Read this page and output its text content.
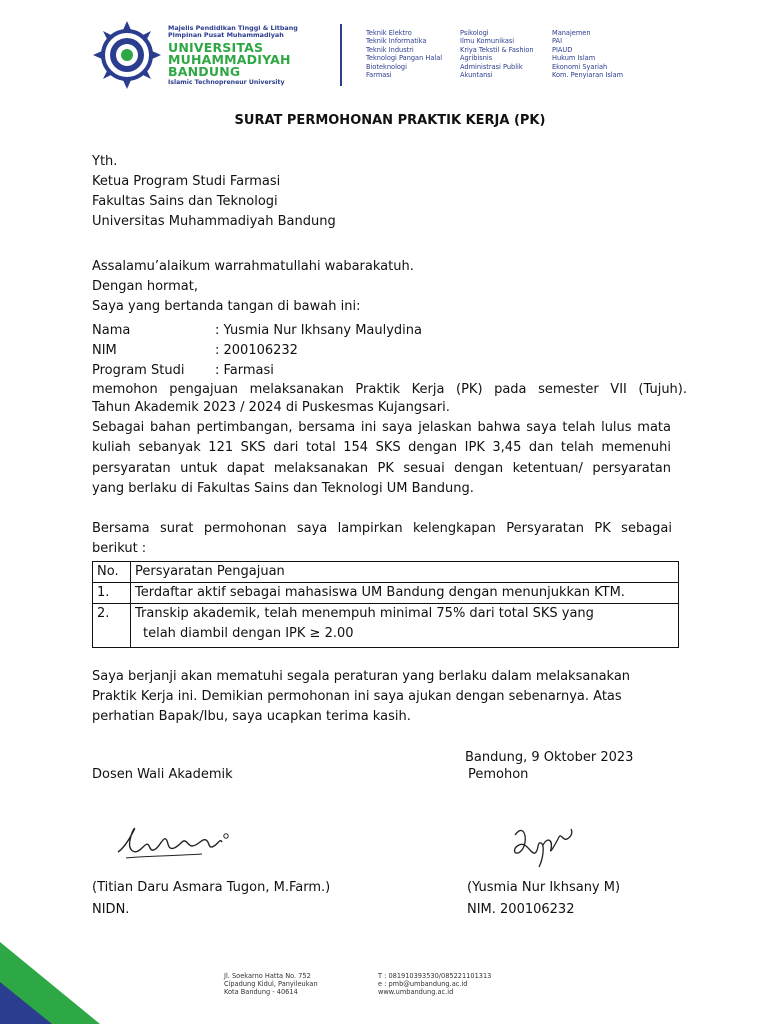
Majelis Pendidikan Tinggi & Litbang
Pimpinan Pusat Muhammadiyah
UNIVERSITAS
MUHAMMADIYAH
BANDUNG
Islamic Technopreneur University
Teknik Elektro
Teknik Informatika
Teknik Industri
Teknologi Pangan Halal
Bioteknologi
Farmasi
Psikologi
Ilmu Komunikasi
Kriya Tekstil & Fashion
Agribisnis
Administrasi Publik
Akuntansi
Manajemen
PAI
PIAUD
Hukum Islam
Ekonomi Syariah
Kom. Penyiaran Islam
SURAT PERMOHONAN PRAKTIK KERJA (PK)
Yth.
Ketua Program Studi Farmasi
Fakultas Sains dan Teknologi
Universitas Muhammadiyah Bandung
Assalamu’alaikum warrahmatullahi wabarakatuh.
Dengan hormat,
Saya yang bertanda tangan di bawah ini:
Nama	: Yusmia Nur Ikhsany Maulydina
NIM	: 200106232
Program Studi : Farmasi
memohon pengajuan melaksanakan Praktik Kerja (PK) pada semester VII (Tujuh).
Tahun Akademik 2023 / 2024 di Puskesmas Kujangsari.
Sebagai bahan pertimbangan, bersama ini saya jelaskan bahwa saya telah lulus mata
kuliah sebanyak 121 SKS dari total 154 SKS dengan IPK 3,45 dan telah memenuhi
persyaratan untuk dapat melaksanakan PK sesuai dengan ketentuan/ persyaratan
yang berlaku di Fakultas Sains dan Teknologi UM Bandung.
Bersama surat permohonan saya lampirkan kelengkapan Persyaratan PK sebagai
berikut :
No.	Persyaratan Pengajuan
1.	Terdaftar aktif sebagai mahasiswa UM Bandung dengan menunjukkan KTM.
2.	Transkip akademik, telah menempuh minimal 75% dari total SKS yang
telah diambil dengan IPK ≥ 2.00
Saya berjanji akan mematuhi segala peraturan yang berlaku dalam melaksanakan
Praktik Kerja ini. Demikian permohonan ini saya ajukan dengan sebenarnya. Atas
perhatian Bapak/Ibu, saya ucapkan terima kasih.
Bandung, 9 Oktober 2023
Dosen Wali Akademik	Pemohon
(Titian Daru Asmara Tugon, M.Farm.)	(Yusmia Nur Ikhsany M)
NIDN.	NIM. 200106232
Jl. Soekarno Hatta No. 752
Cipadung Kidul, Panyileukan
Kota Bandung - 40614
T : 081910393530/085221101313
e : pmb@umbandung.ac.id
www.umbandung.ac.id
